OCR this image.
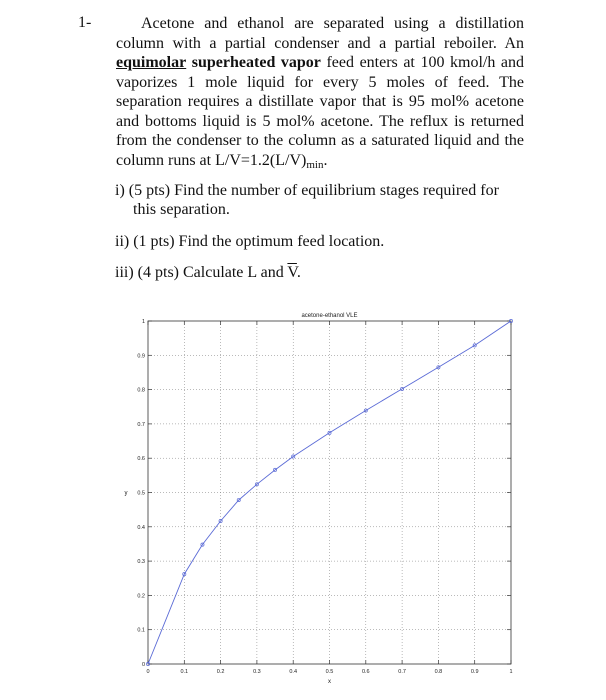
1-	Acetone and ethanol are separated using a distillation column with a partial condenser and a partial reboiler. An equimolar superheated vapor feed enters at 100 kmol/h and vaporizes 1 mole liquid for every 5 moles of feed. The separation requires a distillate vapor that is 95 mol% acetone and bottoms liquid is 5 mol% acetone. The reflux is returned from the condenser to the column as a saturated liquid and the column runs at L/V=1.2(L/V)min.

i) (5 pts) Find the number of equilibrium stages required for
this separation.
ii) (1 pts) Find the optimum feed location.
iii) (4 pts) Calculate L and $\overline{V}$.
0	0.1	0.2	0.3	0.4	0.5	0.6	0.7	0.8	0.9	1
0
0.1
0.2
0.3
0.4
0.5
0.6
0.7
0.8
0.9
1
acetone-ethanol VLE
x
y
